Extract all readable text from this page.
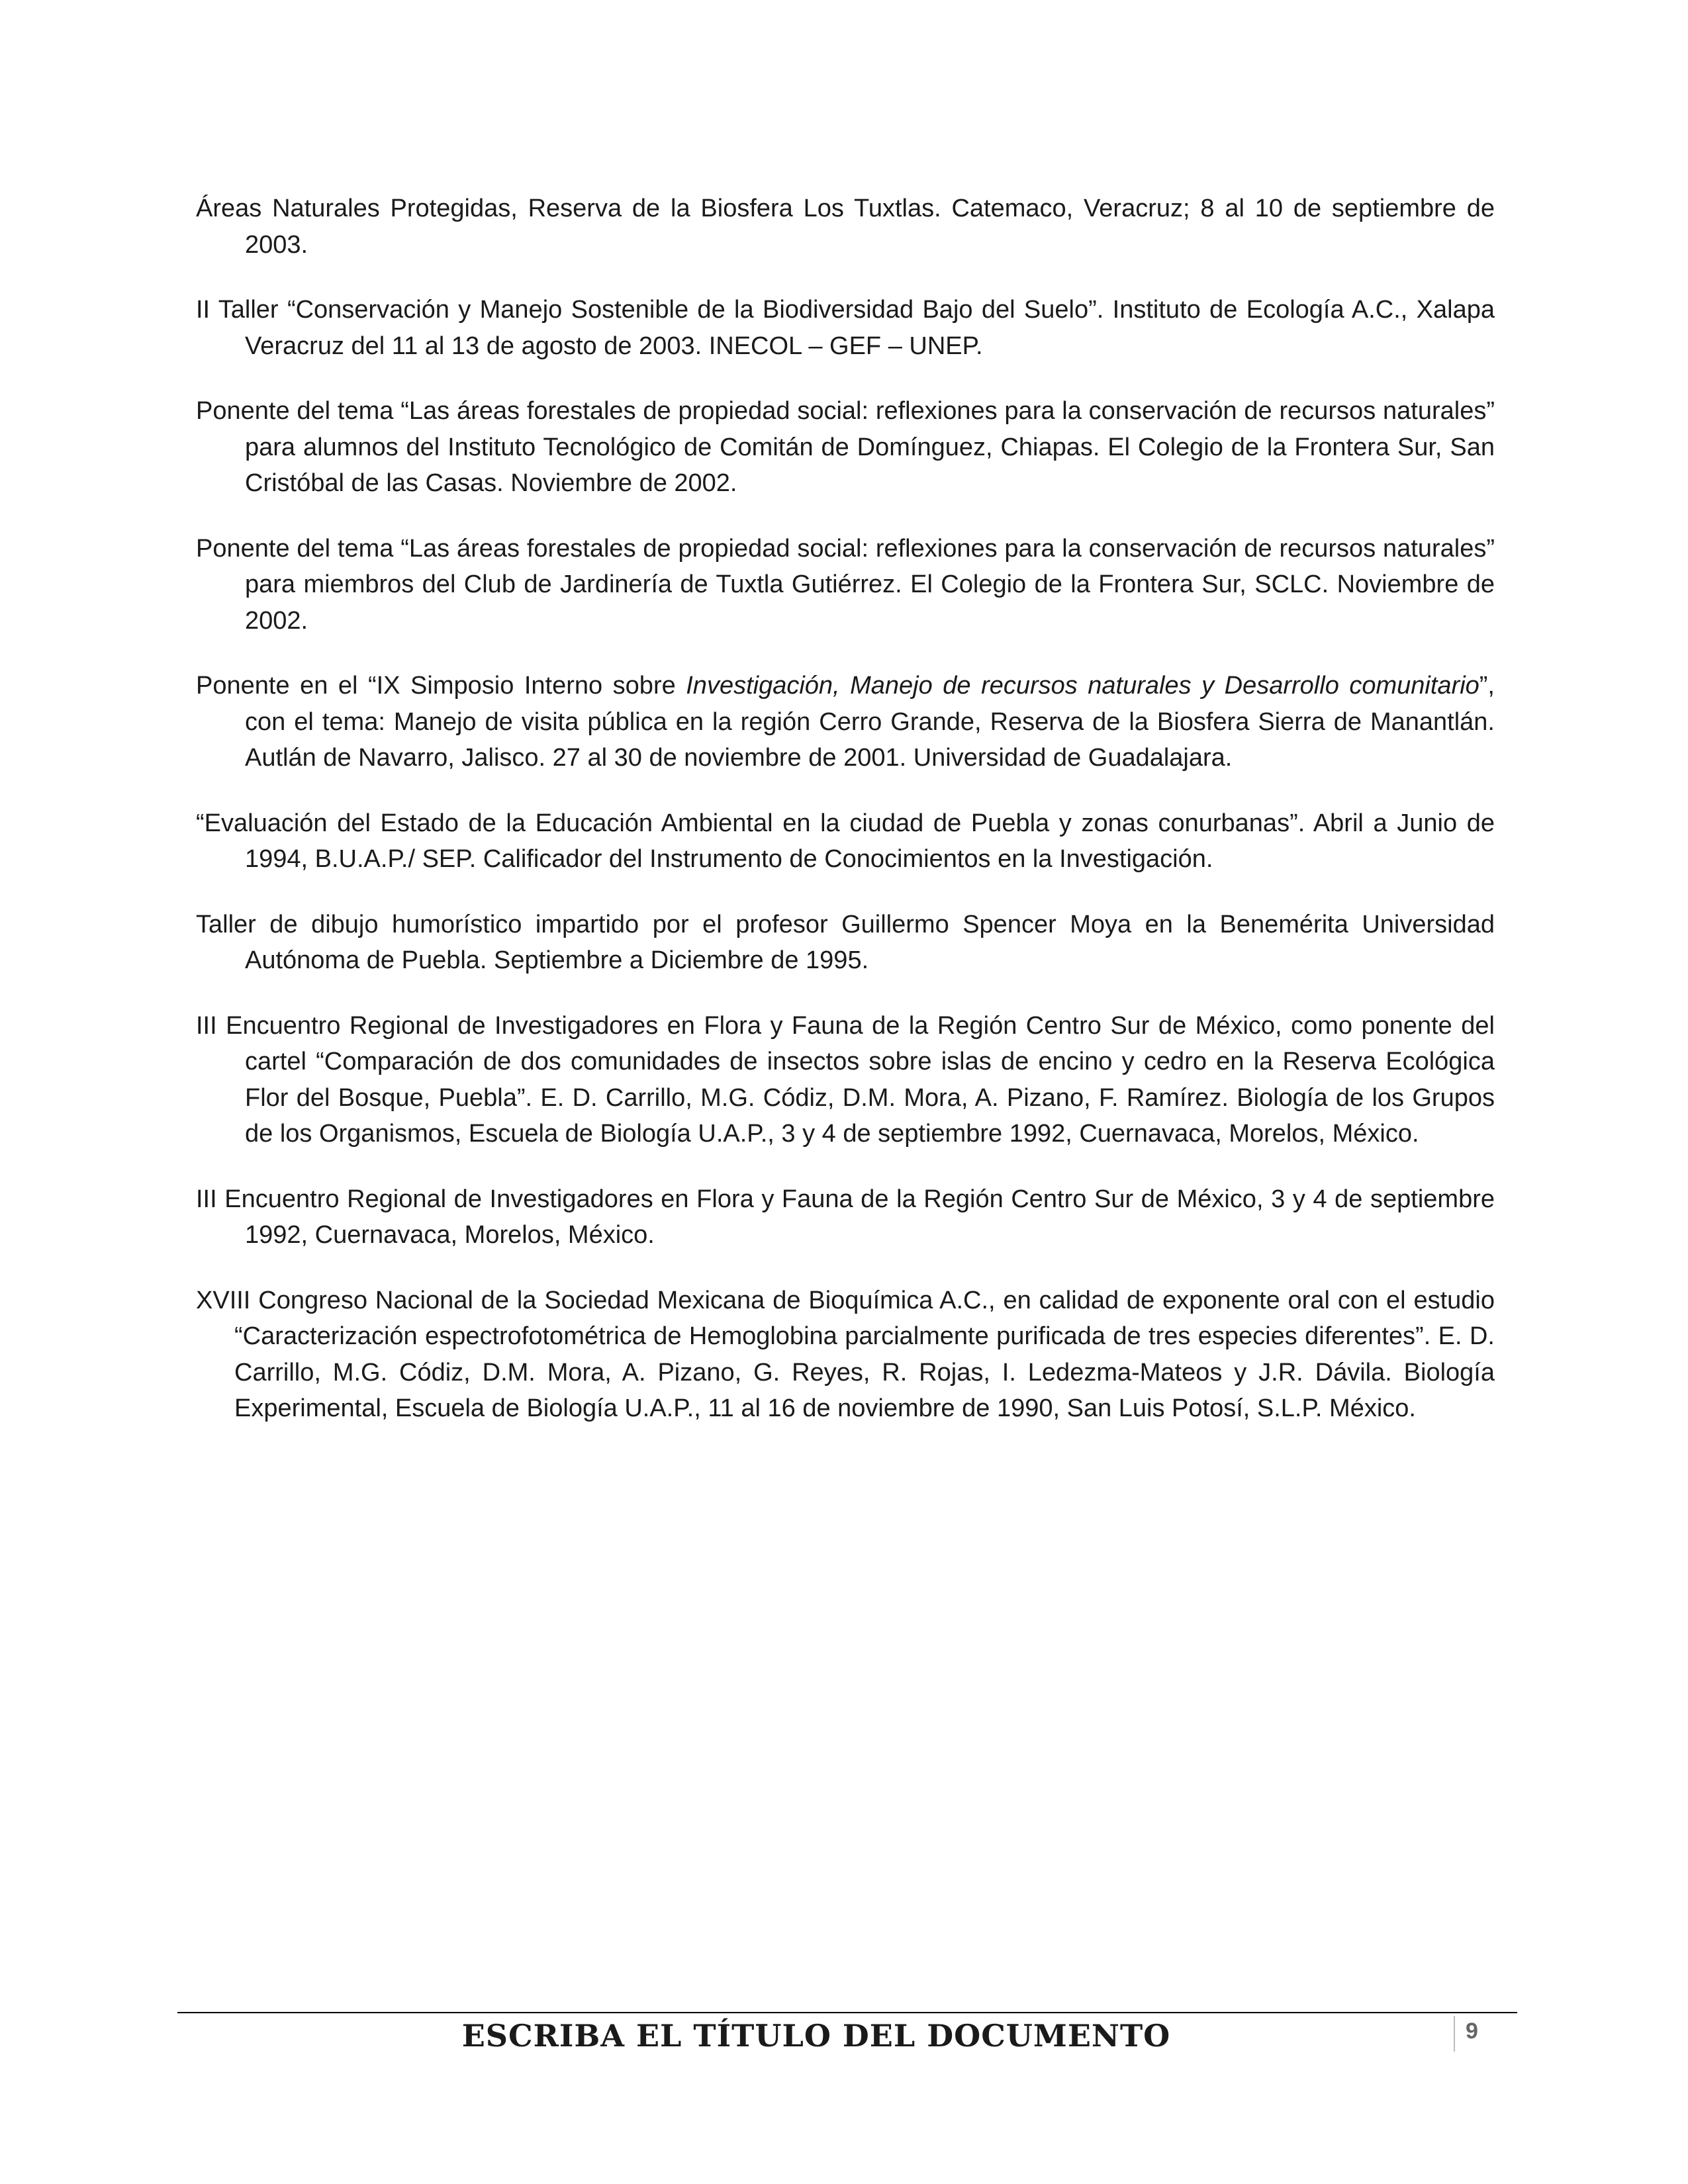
Áreas Naturales Protegidas, Reserva de la Biosfera Los Tuxtlas. Catemaco, Veracruz; 8 al 10 de septiembre de 2003.

II Taller “Conservación y Manejo Sostenible de la Biodiversidad Bajo del Suelo”. Instituto de Ecología A.C., Xalapa Veracruz del 11 al 13 de agosto de 2003. INECOL – GEF – UNEP.

Ponente del tema “Las áreas forestales de propiedad social: reflexiones para la conservación de recursos naturales” para alumnos del Instituto Tecnológico de Comitán de Domínguez, Chiapas. El Colegio de la Frontera Sur, San Cristóbal de las Casas. Noviembre de 2002.

Ponente del tema “Las áreas forestales de propiedad social: reflexiones para la conservación de recursos naturales” para miembros del Club de Jardinería de Tuxtla Gutiérrez. El Colegio de la Frontera Sur, SCLC. Noviembre de 2002.

Ponente en el “IX Simposio Interno sobre Investigación, Manejo de recursos naturales y Desarrollo comunitario”, con el tema: Manejo de visita pública en la región Cerro Grande, Reserva de la Biosfera Sierra de Manantlán. Autlán de Navarro, Jalisco. 27 al 30 de noviembre de 2001. Universidad de Guadalajara.

“Evaluación del Estado de la Educación Ambiental en la ciudad de Puebla y zonas conurbanas”. Abril a Junio de 1994, B.U.A.P./ SEP. Calificador del Instrumento de Conocimientos en la Investigación.

Taller de dibujo humorístico impartido por el profesor Guillermo Spencer Moya en la Benemérita Universidad Autónoma de Puebla. Septiembre a Diciembre de 1995.

III Encuentro Regional de Investigadores en Flora y Fauna de la Región Centro Sur de México, como ponente del cartel “Comparación de dos comunidades de insectos sobre islas de encino y cedro en la Reserva Ecológica Flor del Bosque, Puebla”. E. D. Carrillo, M.G. Códiz, D.M. Mora, A. Pizano, F. Ramírez. Biología de los Grupos de los Organismos, Escuela de Biología U.A.P., 3 y 4 de septiembre 1992, Cuernavaca, Morelos, México.

III Encuentro Regional de Investigadores en Flora y Fauna de la Región Centro Sur de México, 3 y 4 de septiembre 1992, Cuernavaca, Morelos, México.

XVIII Congreso Nacional de la Sociedad Mexicana de Bioquímica A.C., en calidad de exponente oral con el estudio “Caracterización espectrofotométrica de Hemoglobina parcialmente purificada de tres especies diferentes”. E. D. Carrillo, M.G. Códiz, D.M. Mora, A. Pizano, G. Reyes, R. Rojas, I. Ledezma-Mateos y J.R. Dávila. Biología Experimental, Escuela de Biología U.A.P., 11 al 16 de noviembre de 1990, San Luis Potosí, S.L.P. México.

ESCRIBA EL TÍTULO DEL DOCUMENTO	9
